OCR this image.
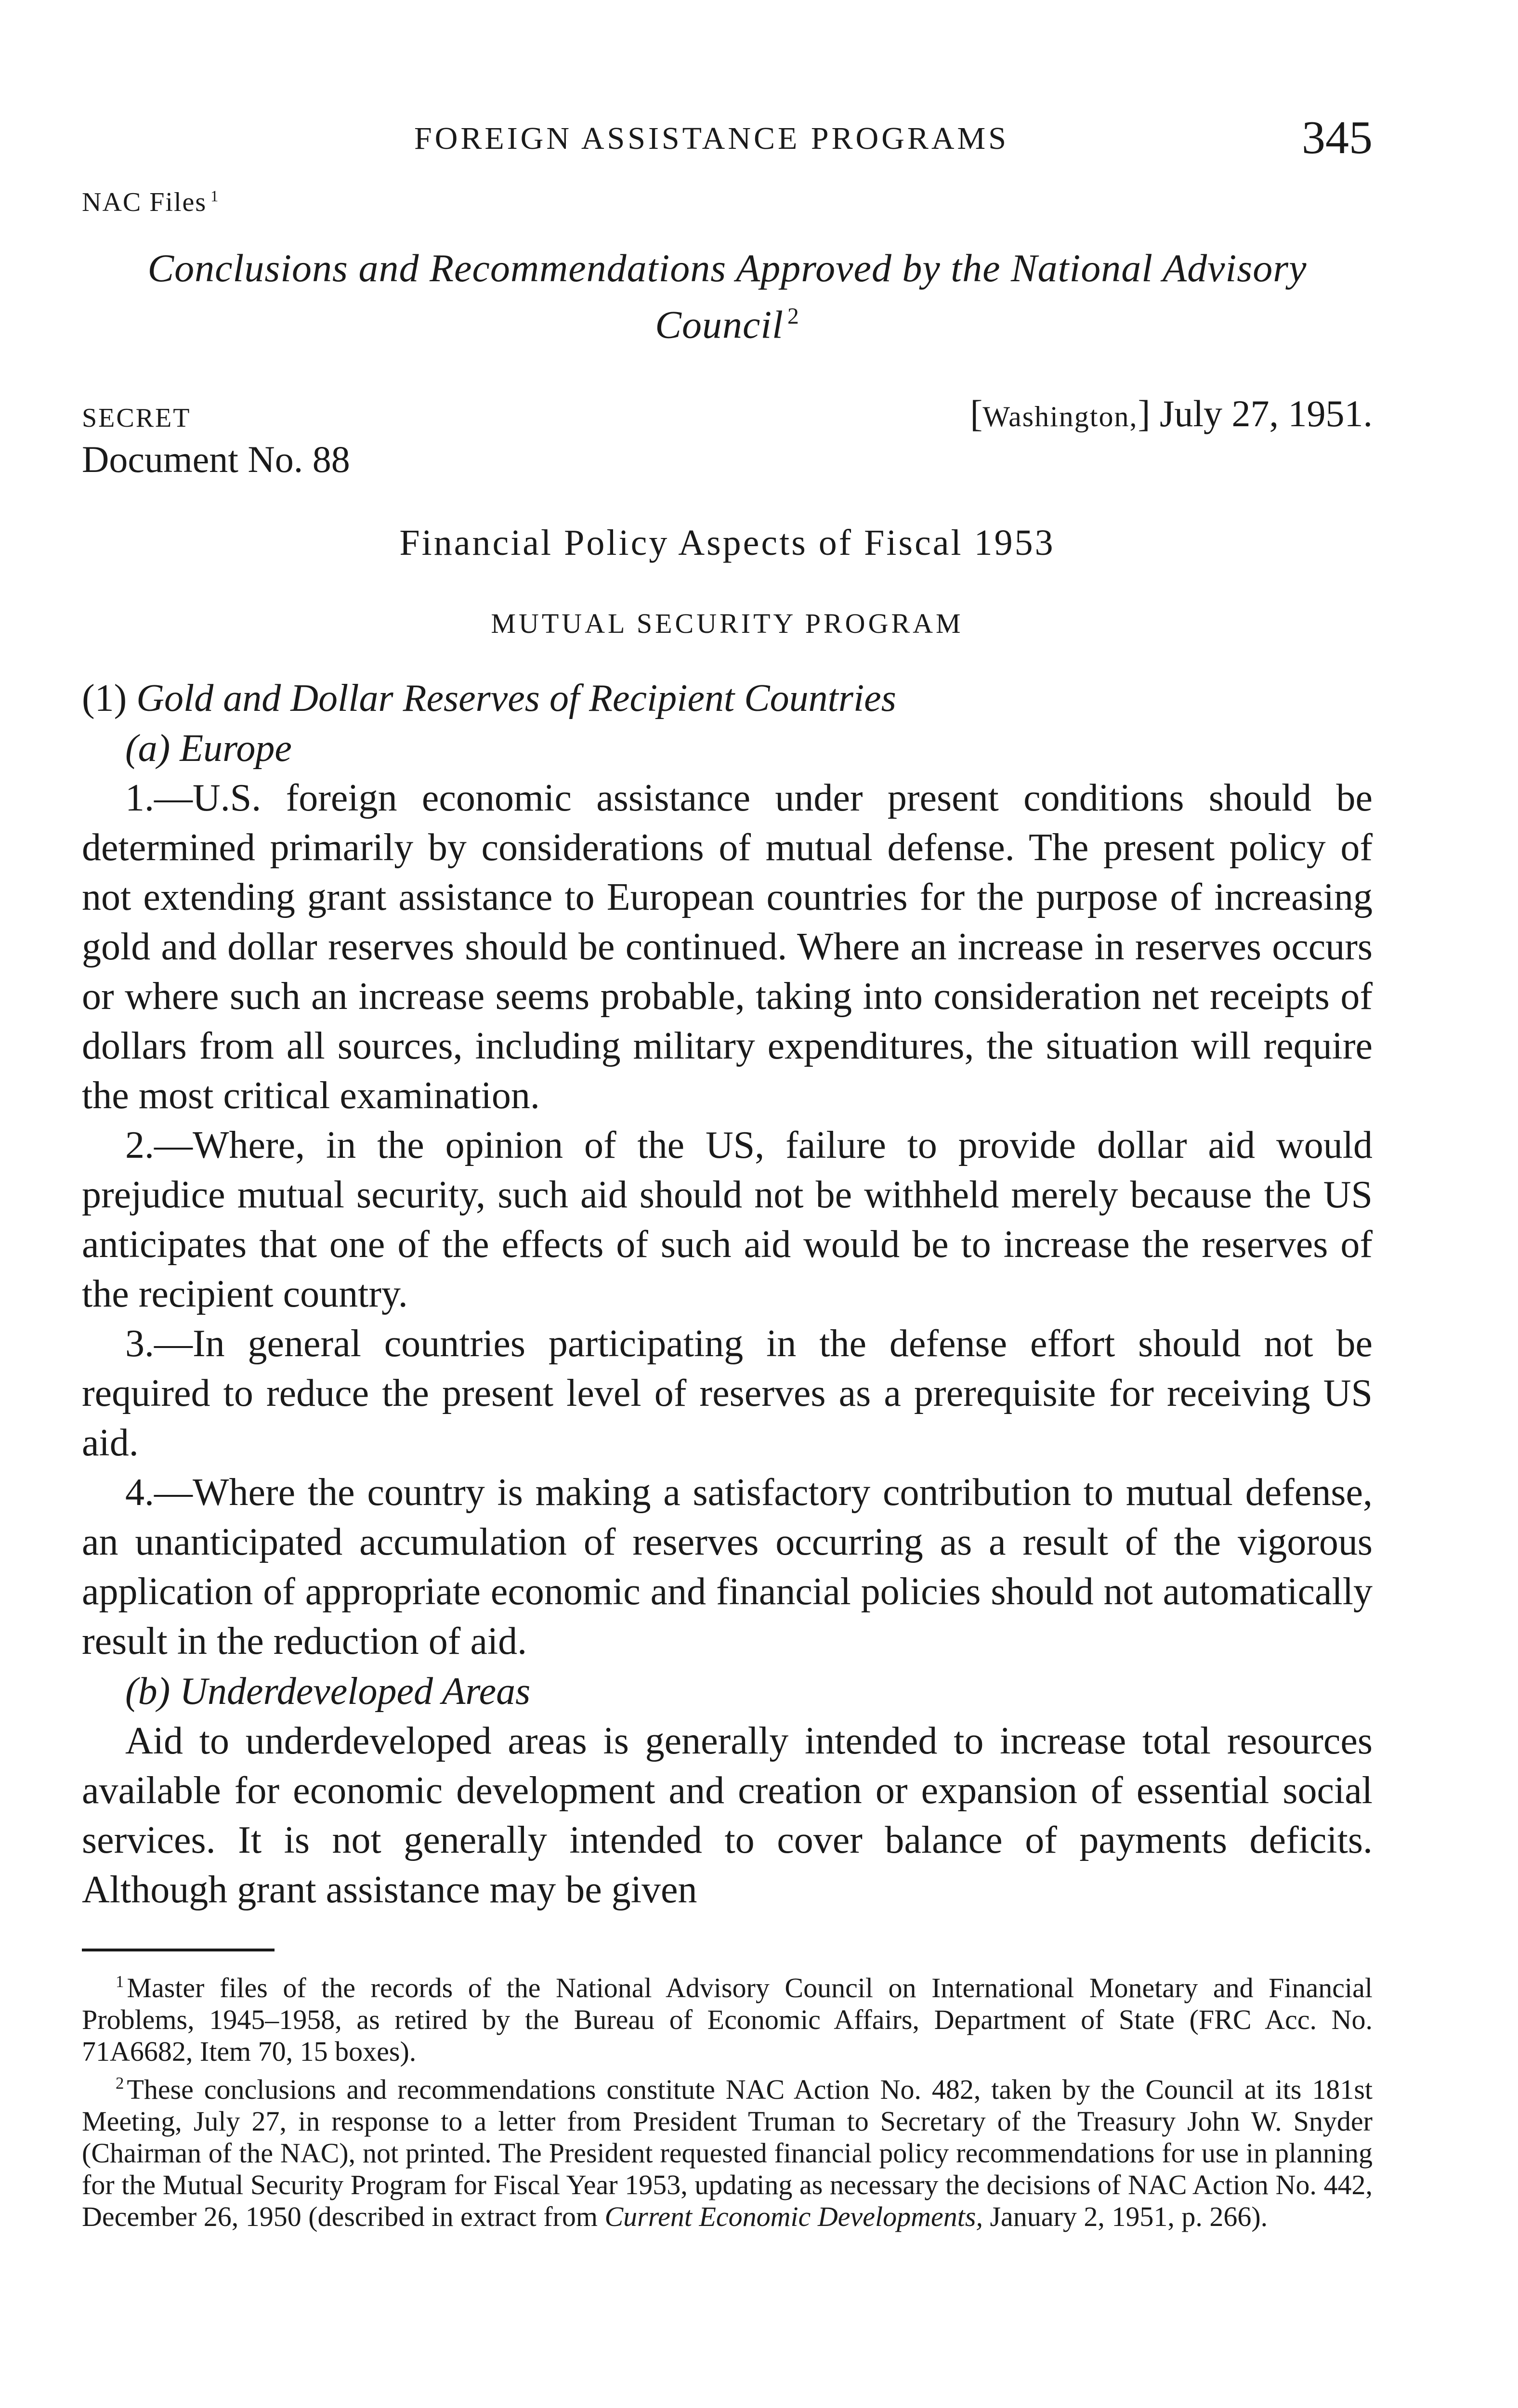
FOREIGN ASSISTANCE PROGRAMS	345
NAC Files $^1$
Conclusions and Recommendations Approved by the National Advisory Council $^2$
SECRET
Document No. 88
[Washington,] July 27, 1951.
Financial Policy Aspects of Fiscal 1953
MUTUAL SECURITY PROGRAM
(1) Gold and Dollar Reserves of Recipient Countries
(a) Europe

1.—U.S. foreign economic assistance under present conditions should be determined primarily by considerations of mutual defense. The present policy of not extending grant assistance to European countries for the purpose of increasing gold and dollar reserves should be continued. Where an increase in reserves occurs or where such an increase seems probable, taking into consideration net receipts of dollars from all sources, including military expenditures, the situation will require the most critical examination.

2.—Where, in the opinion of the US, failure to provide dollar aid would prejudice mutual security, such aid should not be withheld merely because the US anticipates that one of the effects of such aid would be to increase the reserves of the recipient country.

3.—In general countries participating in the defense effort should not be required to reduce the present level of reserves as a prerequisite for receiving US aid.

4.—Where the country is making a satisfactory contribution to mutual defense, an unanticipated accumulation of reserves occurring as a result of the vigorous application of appropriate economic and financial policies should not automatically result in the reduction of aid.

(b) Underdeveloped Areas

Aid to underdeveloped areas is generally intended to increase total resources available for economic development and creation or expansion of essential social services. It is not generally intended to cover balance of payments deficits. Although grant assistance may be given

$^1$ Master files of the records of the National Advisory Council on International Monetary and Financial Problems, 1945–1958, as retired by the Bureau of Economic Affairs, Department of State (FRC Acc. No. 71A6682, Item 70, 15 boxes).

$^2$ These conclusions and recommendations constitute NAC Action No. 482, taken by the Council at its 181st Meeting, July 27, in response to a letter from President Truman to Secretary of the Treasury John W. Snyder (Chairman of the NAC), not printed. The President requested financial policy recommendations for use in planning for the Mutual Security Program for Fiscal Year 1953, updating as necessary the decisions of NAC Action No. 442, December 26, 1950 (described in extract from Current Economic Developments, January 2, 1951, p. 266).
